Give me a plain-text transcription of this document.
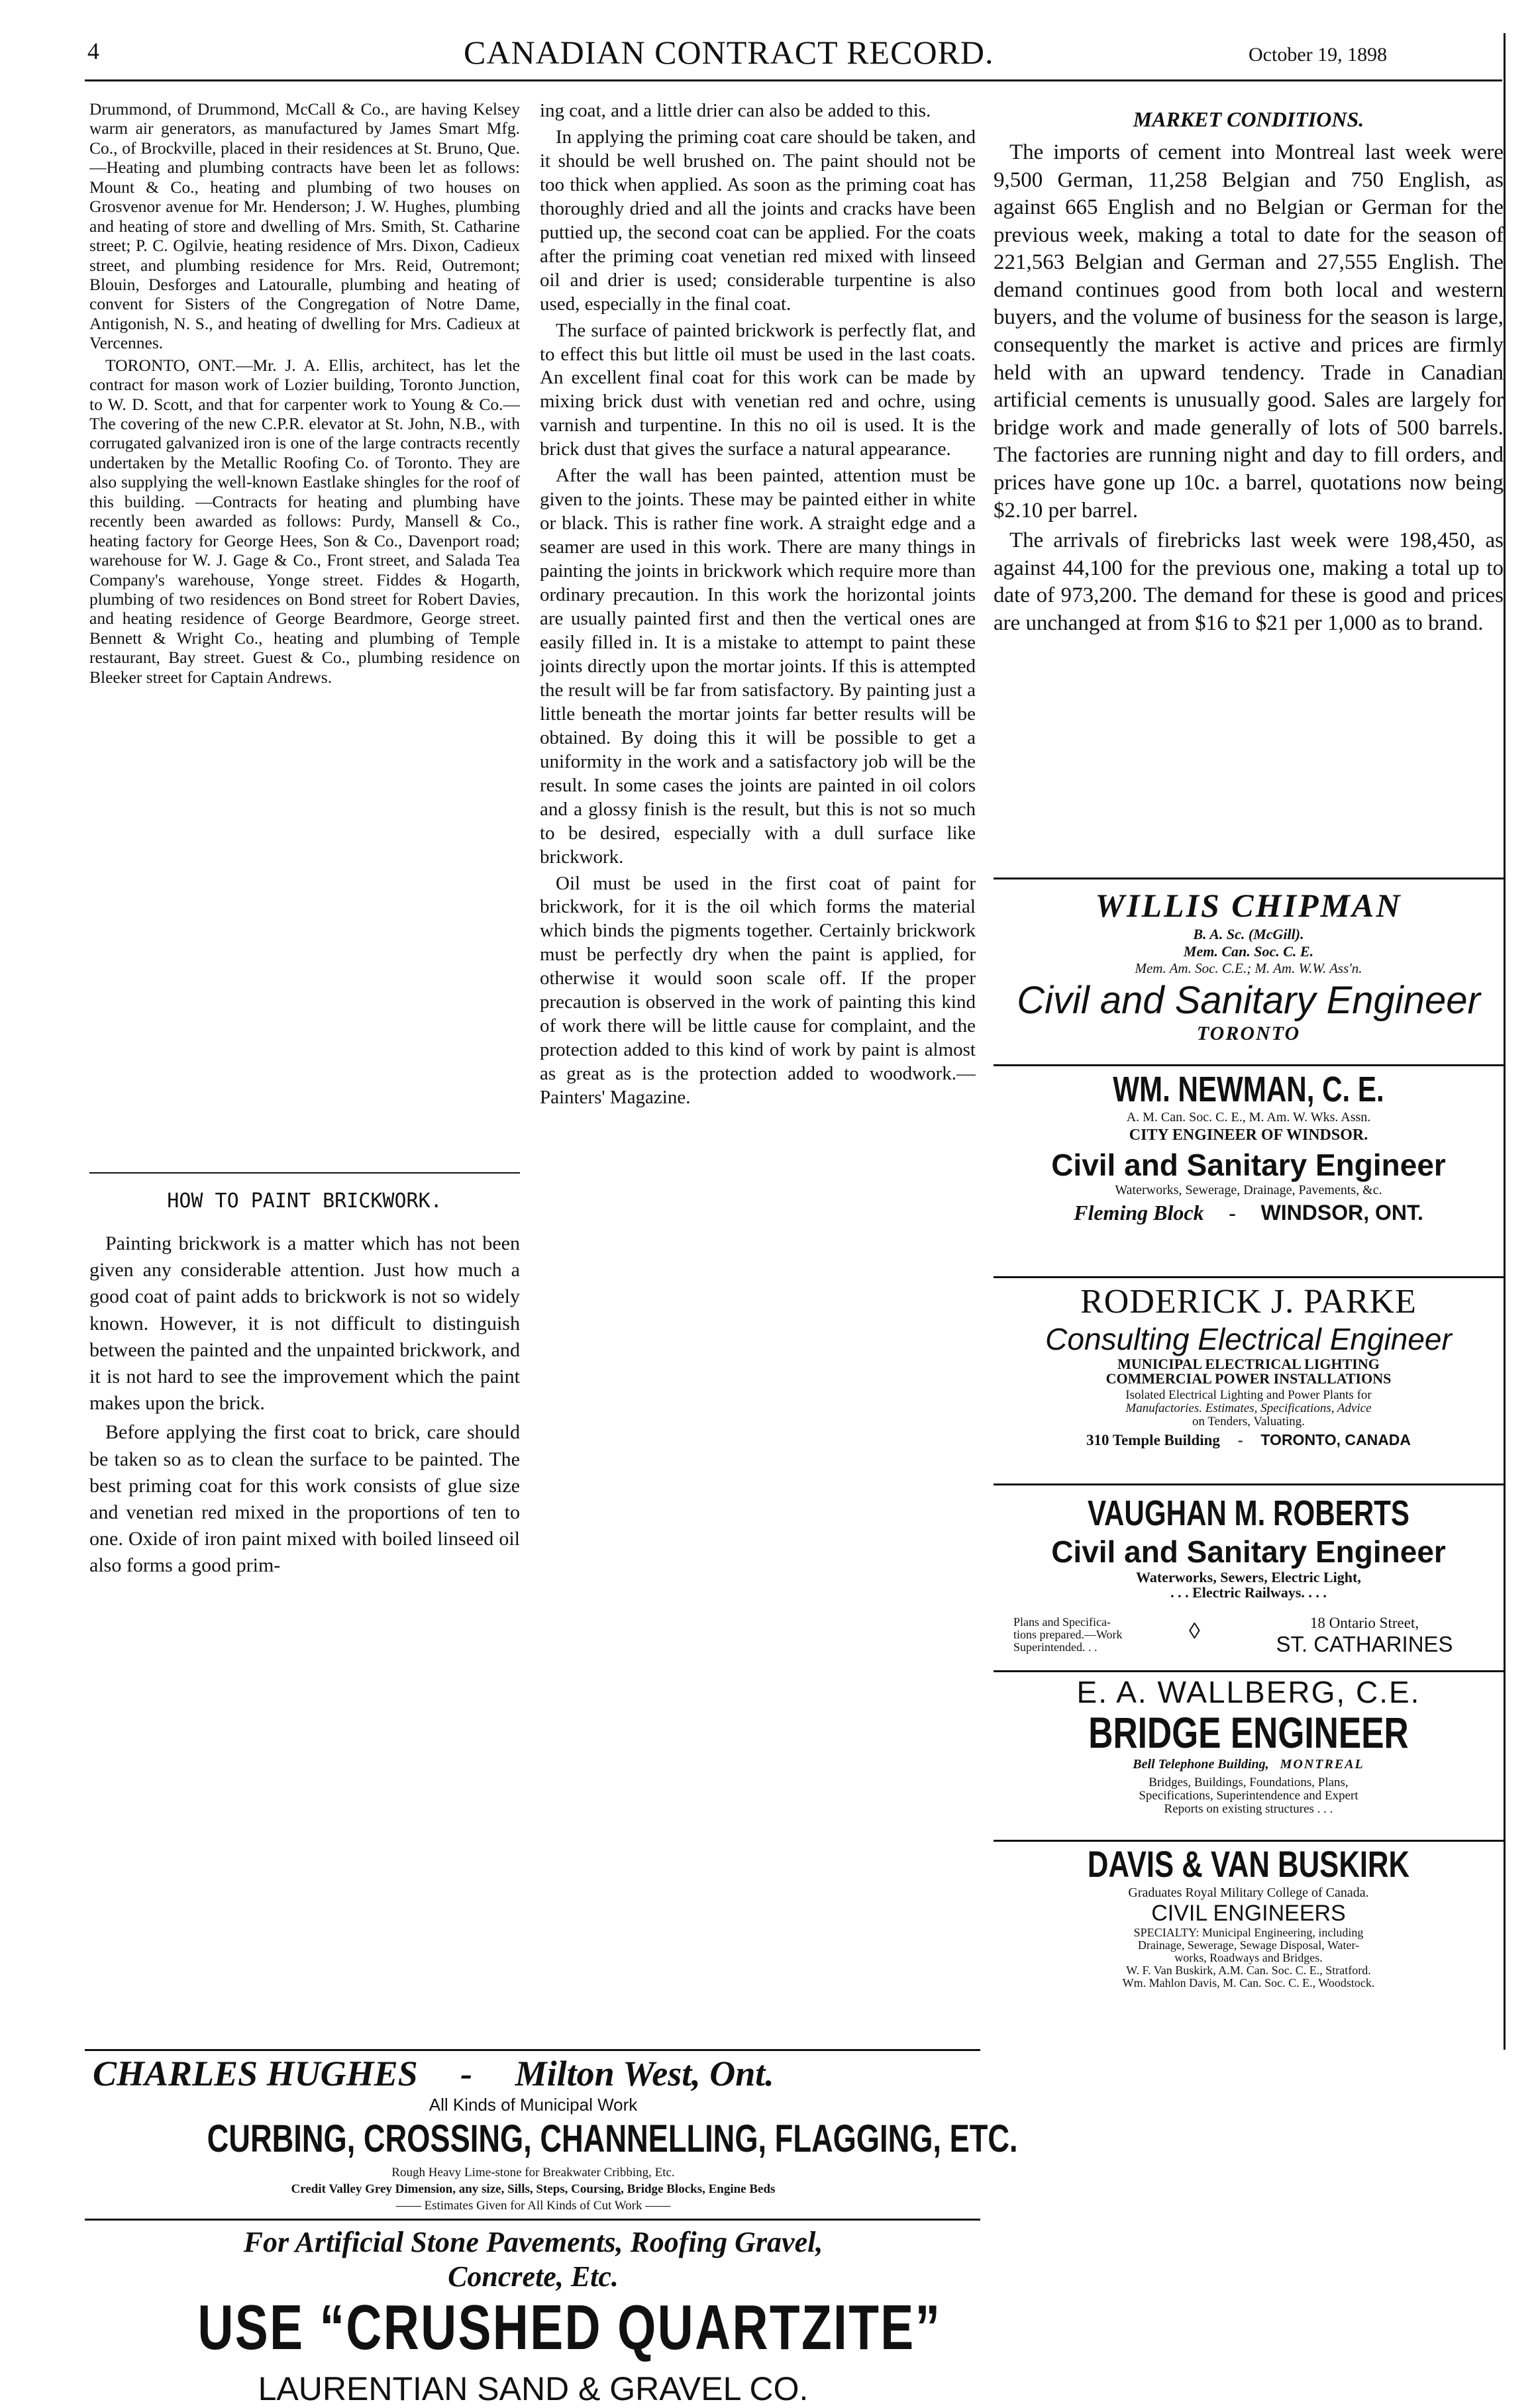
4	CANADIAN CONTRACT RECORD.	October 19, 1898

Drummond, of Drummond, McCall & Co., are having Kelsey warm air generators, as manufactured by James Smart Mfg. Co., of Brockville, placed in their residences at St. Bruno, Que.—Heating and plumbing contracts have been let as follows: Mount & Co., heating and plumbing of two houses on Grosvenor avenue for Mr. Henderson; J. W. Hughes, plumbing and heating of store and dwelling of Mrs. Smith, St. Catharine street; P. C. Ogilvie, heating residence of Mrs. Dixon, Cadieux street, and plumbing residence for Mrs. Reid, Outremont; Blouin, Desforges and Latouralle, plumbing and heating of convent for Sisters of the Congregation of Notre Dame, Antigonish, N. S., and heating of dwelling for Mrs. Cadieux at Vercennes.

TORONTO, ONT.—Mr. J. A. Ellis, architect, has let the contract for mason work of Lozier building, Toronto Junction, to W. D. Scott, and that for carpenter work to Young & Co.—The covering of the new C.P.R. elevator at St. John, N.B., with corrugated galvanized iron is one of the large contracts recently undertaken by the Metallic Roofing Co. of Toronto. They are also supplying the well-known Eastlake shingles for the roof of this building. —Contracts for heating and plumbing have recently been awarded as follows: Purdy, Mansell & Co., heating factory for George Hees, Son & Co., Davenport road; warehouse for W. J. Gage & Co., Front street, and Salada Tea Company's warehouse, Yonge street. Fiddes & Hogarth, plumbing of two residences on Bond street for Robert Davies, and heating residence of George Beardmore, George street. Bennett & Wright Co., heating and plumbing of Temple restaurant, Bay street. Guest & Co., plumbing residence on Bleeker street for Captain Andrews.

HOW TO PAINT BRICKWORK.

Painting brickwork is a matter which has not been given any considerable attention. Just how much a good coat of paint adds to brickwork is not so widely known. However, it is not difficult to distinguish between the painted and the unpainted brickwork, and it is not hard to see the improvement which the paint makes upon the brick.

Before applying the first coat to brick, care should be taken so as to clean the surface to be painted. The best priming coat for this work consists of glue size and venetian red mixed in the proportions of ten to one. Oxide of iron paint mixed with boiled linseed oil also forms a good prim-

ing coat, and a little drier can also be added to this.

In applying the priming coat care should be taken, and it should be well brushed on. The paint should not be too thick when applied. As soon as the priming coat has thoroughly dried and all the joints and cracks have been puttied up, the second coat can be applied. For the coats after the priming coat venetian red mixed with linseed oil and drier is used; considerable turpentine is also used, especially in the final coat.

The surface of painted brickwork is perfectly flat, and to effect this but little oil must be used in the last coats. An excellent final coat for this work can be made by mixing brick dust with venetian red and ochre, using varnish and turpentine. In this no oil is used. It is the brick dust that gives the surface a natural appearance.

After the wall has been painted, attention must be given to the joints. These may be painted either in white or black. This is rather fine work. A straight edge and a seamer are used in this work. There are many things in painting the joints in brickwork which require more than ordinary precaution. In this work the horizontal joints are usually painted first and then the vertical ones are easily filled in. It is a mistake to attempt to paint these joints directly upon the mortar joints. If this is attempted the result will be far from satisfactory. By painting just a little beneath the mortar joints far better results will be obtained. By doing this it will be possible to get a uniformity in the work and a satisfactory job will be the result. In some cases the joints are painted in oil colors and a glossy finish is the result, but this is not so much to be desired, especially with a dull surface like brickwork.

Oil must be used in the first coat of paint for brickwork, for it is the oil which forms the material which binds the pigments together. Certainly brickwork must be perfectly dry when the paint is applied, for otherwise it would soon scale off. If the proper precaution is observed in the work of painting this kind of work there will be little cause for complaint, and the protection added to this kind of work by paint is almost as great as is the protection added to woodwork.—Painters' Magazine.

MARKET CONDITIONS.

The imports of cement into Montreal last week were 9,500 German, 11,258 Belgian and 750 English, as against 665 English and no Belgian or German for the previous week, making a total to date for the season of 221,563 Belgian and German and 27,555 English. The demand continues good from both local and western buyers, and the volume of business for the season is large, consequently the market is active and prices are firmly held with an upward tendency. Trade in Canadian artificial cements is unusually good. Sales are largely for bridge work and made generally of lots of 500 barrels. The factories are running night and day to fill orders, and prices have gone up 10c. a barrel, quotations now being $2.10 per barrel.

The arrivals of firebricks last week were 198,450, as against 44,100 for the previous one, making a total up to date of 973,200. The demand for these is good and prices are unchanged at from $16 to $21 per 1,000 as to brand.

WILLIS CHIPMAN
B. A. Sc. (McGill).
Mem. Can. Soc. C. E.
Mem. Am. Soc. C.E.; M. Am. W.W. Ass'n.
Civil and Sanitary Engineer
TORONTO
WM. NEWMAN, C. E.
A. M. Can. Soc. C. E., M. Am. W. Wks. Assn.
CITY ENGINEER OF WINDSOR.
Civil and Sanitary Engineer
Waterworks, Sewerage, Drainage, Pavements, &c.
Fleming Block - WINDSOR, ONT.
RODERICK J. PARKE
Consulting Electrical Engineer
MUNICIPAL ELECTRICAL LIGHTING
COMMERCIAL POWER INSTALLATIONS
Isolated Electrical Lighting and Power Plants for
Manufactories. Estimates, Specifications, Advice
on Tenders, Valuating.
310 Temple Building - TORONTO, CANADA
VAUGHAN M. ROBERTS
Civil and Sanitary Engineer
Waterworks, Sewers, Electric Light,
. . . Electric Railways. . . .
Plans and Specifica-
tions prepared.—Work
Superintended. . .
◊	18 Ontario Street,
ST. CATHARINES
E. A. WALLBERG, C.E.
BRIDGE ENGINEER
Bell Telephone Building, MONTREAL
Bridges, Buildings, Foundations, Plans,
Specifications, Superintendence and Expert
Reports on existing structures . . .
DAVIS & VAN BUSKIRK
Graduates Royal Military College of Canada.
CIVIL ENGINEERS
SPECIALTY: Municipal Engineering, including
Drainage, Sewerage, Sewage Disposal, Water-
works, Roadways and Bridges.
W. F. Van Buskirk, A.M. Can. Soc. C. E., Stratford.
Wm. Mahlon Davis, M. Can. Soc. C. E., Woodstock.
CHARLES HUGHES - Milton West, Ont.
All Kinds of Municipal Work
CURBING, CROSSING, CHANNELLING, FLAGGING, ETC.
Rough Heavy Lime-stone for Breakwater Cribbing, Etc.
Credit Valley Grey Dimension, any size, Sills, Steps, Coursing, Bridge Blocks, Engine Beds
—— Estimates Given for All Kinds of Cut Work ——
For Artificial Stone Pavements, Roofing Gravel,
Concrete, Etc.
USE “CRUSHED QUARTZITE”
LAURENTIAN SAND & GRAVEL CO.
